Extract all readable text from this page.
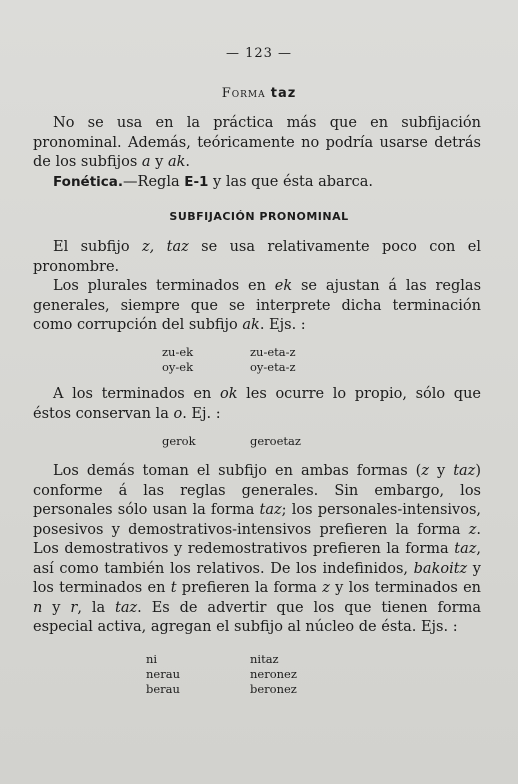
— 123 —
Forma taz

No se usa en la práctica más que en subfijación pronominal. Además, teóricamente no podría usarse detrás de los subfijos a y ak.

Fonética.—Regla E-1 y las que ésta abarca.

SUBFIJACIÓN PRONOMINAL

El subfijo z, taz se usa relativamente poco con el pronombre.

Los plurales terminados en ek se ajustan á las reglas generales, siempre que se interprete dicha terminación como corrupción del subfijo ak. Ejs. :

zu-ek	zu-eta-z
oy-ek	oy-eta-z

A los terminados en ok les ocurre lo propio, sólo que éstos conservan la o. Ej. :

gerok	geroetaz

Los demás toman el subfijo en ambas formas (z y taz) conforme á las reglas generales. Sin embargo, los personales sólo usan la forma taz; los personales-intensivos, posesivos y demostrativos-intensivos prefieren la forma z. Los demostrativos y redemostrativos prefieren la forma taz, así como también los relativos. De los indefinidos, bakoitz y los terminados en t prefieren la forma z y los terminados en n y r, la taz. Es de advertir que los que tienen forma especial activa, agregan el subfijo al núcleo de ésta. Ejs. :

ni	nitaz
nerau	neronez
berau	beronez
